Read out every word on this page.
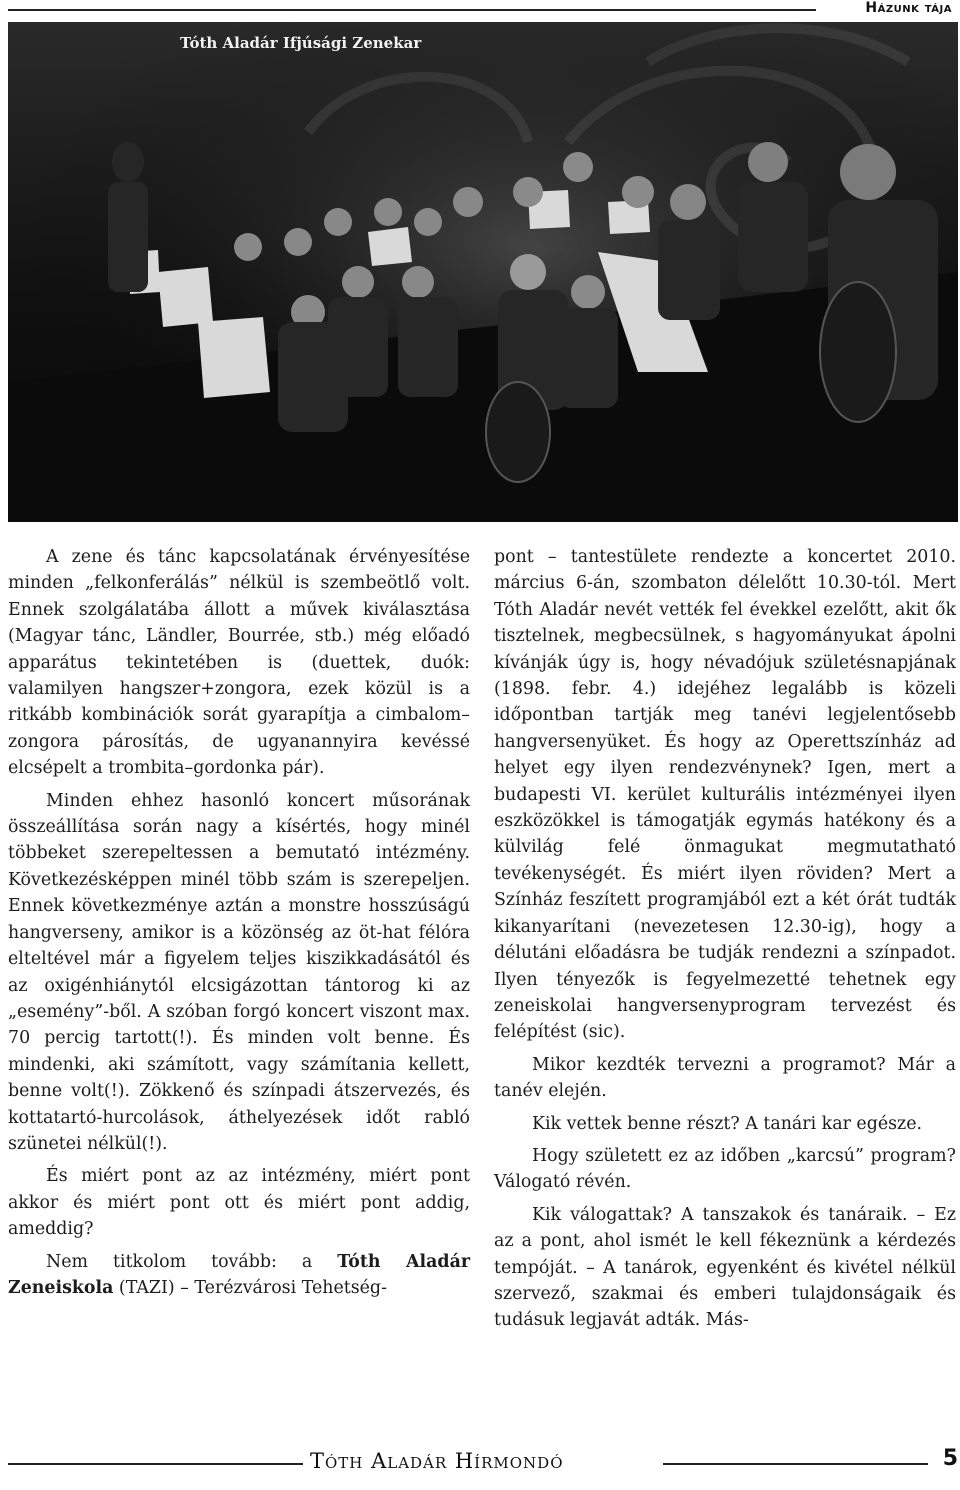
Házunk tája
Tóth Aladár Ifjúsági Zenekar

A zene és tánc kapcsolatának érvényesítése minden „felkonferálás” nélkül is szembeötlő volt. Ennek szolgálatába állott a művek kiválasztása (Magyar tánc, Ländler, Bourrée, stb.) még előadó apparátus tekintetében is (duettek, duók: valamilyen hangszer+zongora, ezek közül is a ritkább kombinációk sorát gyarapítja a cimbalom–zongora párosítás, de ugyanannyira kevéssé elcsépelt a trombita–gordonka pár).

Minden ehhez hasonló koncert műsorának összeállítása során nagy a kísértés, hogy minél többeket szerepeltessen a bemutató intézmény. Következésképpen minél több szám is szerepeljen. Ennek következménye aztán a monstre hosszúságú hangverseny, amikor is a közönség az öt-hat félóra elteltével már a figyelem teljes kiszikkadásától és az oxigénhiánytól elcsigázottan tántorog ki az „esemény”-ből. A szóban forgó koncert viszont max. 70 percig tartott(!). És minden volt benne. És mindenki, aki számított, vagy számítania kellett, benne volt(!). Zökkenő és színpadi átszervezés, és kottatartó-hurcolások, áthelyezések időt rabló szünetei nélkül(!).

És miért pont az az intézmény, miért pont akkor és miért pont ott és miért pont addig, ameddig?

Nem titkolom tovább: a Tóth Aladár Zeneiskola (TAZI) – Terézvárosi Tehetség-

pont – tantestülete rendezte a koncertet 2010. március 6-án, szombaton délelőtt 10.30-tól. Mert Tóth Aladár nevét vették fel évekkel ezelőtt, akit ők tisztelnek, megbecsülnek, s hagyományukat ápolni kívánják úgy is, hogy névadójuk születésnapjának (1898. febr. 4.) idejéhez legalább is közeli időpontban tartják meg tanévi legjelentősebb hangversenyüket. És hogy az Operettszínház ad helyet egy ilyen rendezvénynek? Igen, mert a budapesti VI. kerület kulturális intézményei ilyen eszközökkel is támogatják egymás hatékony és a külvilág felé önmagukat megmutatható tevékenységét. És miért ilyen röviden? Mert a Színház feszített programjából ezt a két órát tudták kikanyarítani (nevezetesen 12.30-ig), hogy a délutáni előadásra be tudják rendezni a színpadot. Ilyen tényezők is fegyelmezetté tehetnek egy zeneiskolai hangversenyprogram tervezést és felépítést (sic).

Mikor kezdték tervezni a programot? Már a tanév elején.

Kik vettek benne részt? A tanári kar egésze.

Hogy született ez az időben „karcsú” program? Válogató révén.

Kik válogattak? A tanszakok és tanáraik. – Ez az a pont, ahol ismét le kell fékeznünk a kérdezés tempóját. – A tanárok, egyenként és kivétel nélkül szervező, szakmai és emberi tulajdonságaik és tudásuk legjavát adták. Más-

Tóth Aladár Hírmondó	5
